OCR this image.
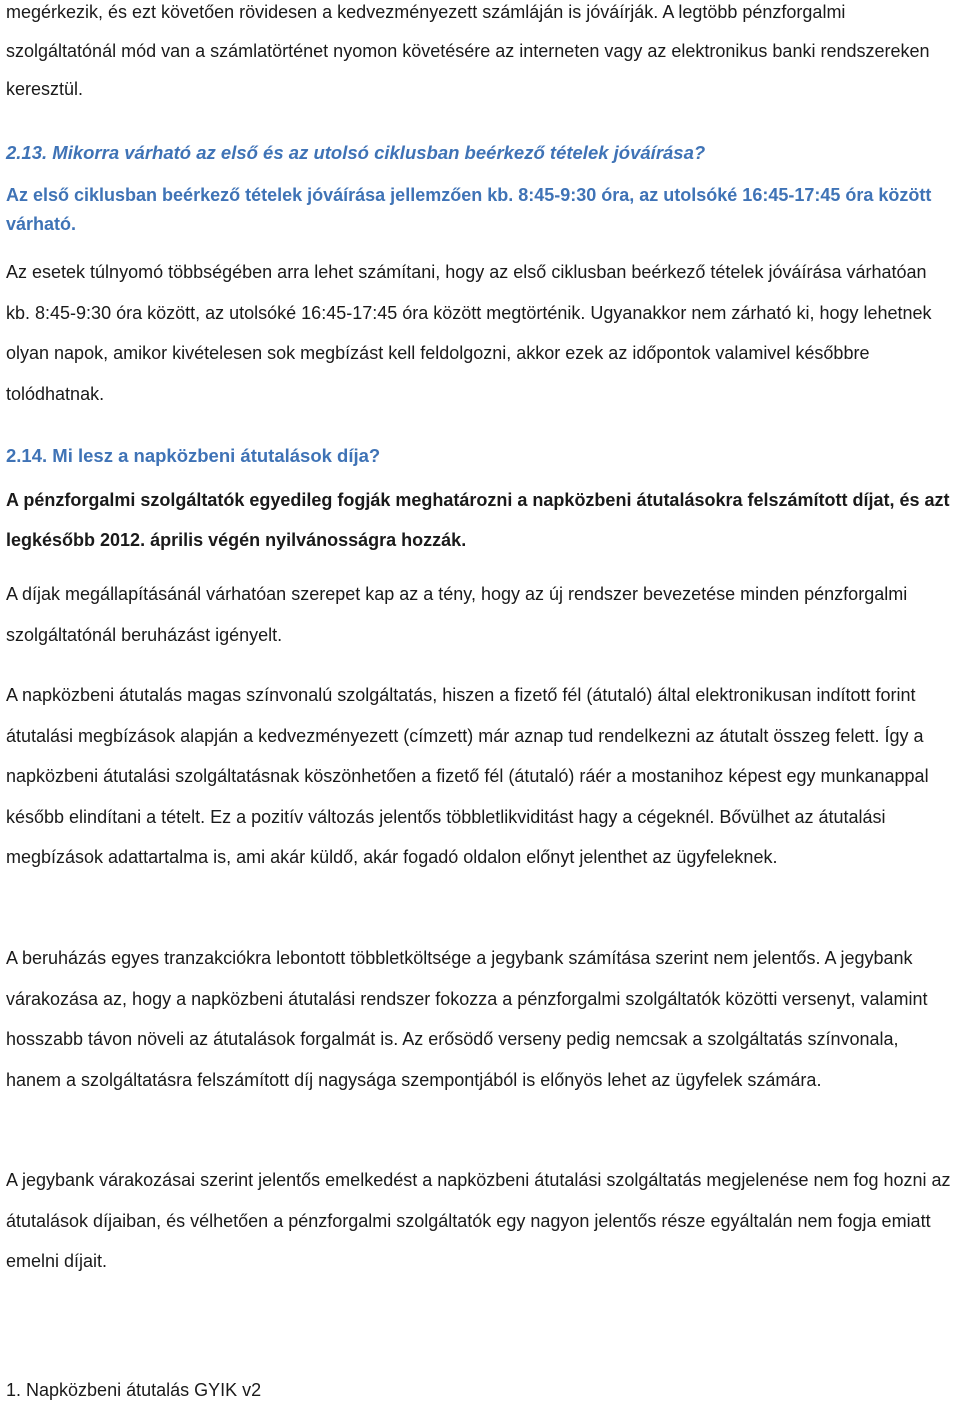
megérkezik, és ezt követően rövidesen a kedvezményezett számláján is jóváírják. A legtöbb pénzforgalmi szolgáltatónál mód van a számlatörténet nyomon követésére az interneten vagy az elektronikus banki rendszereken keresztül.

2.13. Mikorra várható az első és az utolsó ciklusban beérkező tételek jóváírása?

Az első ciklusban beérkező tételek jóváírása jellemzően kb. 8:45-9:30 óra, az utolsóké 16:45-17:45 óra között várható.

Az esetek túlnyomó többségében arra lehet számítani, hogy az első ciklusban beérkező tételek jóváírása várhatóan kb. 8:45-9:30 óra között, az utolsóké 16:45-17:45 óra között megtörténik. Ugyanakkor nem zárható ki, hogy lehetnek olyan napok, amikor kivételesen sok megbízást kell feldolgozni, akkor ezek az időpontok valamivel későbbre tolódhatnak.

2.14. Mi lesz a napközbeni átutalások díja?

A pénzforgalmi szolgáltatók egyedileg fogják meghatározni a napközbeni átutalásokra felszámított díjat, és azt legkésőbb 2012. április végén nyilvánosságra hozzák.

A díjak megállapításánál várhatóan szerepet kap az a tény, hogy az új rendszer bevezetése minden pénzforgalmi szolgáltatónál beruházást igényelt.

A napközbeni átutalás magas színvonalú szolgáltatás, hiszen a fizető fél (átutaló) által elektronikusan indított forint átutalási megbízások alapján a kedvezményezett (címzett) már aznap tud rendelkezni az átutalt összeg felett. Így a napközbeni átutalási szolgáltatásnak köszönhetően a fizető fél (átutaló) ráér a mostanihoz képest egy munkanappal később elindítani a tételt. Ez a pozitív változás jelentős többletlikviditást hagy a cégeknél. Bővülhet az átutalási megbízások adattartalma is, ami akár küldő, akár fogadó oldalon előnyt jelenthet az ügyfeleknek.

A beruházás egyes tranzakciókra lebontott többletköltsége a jegybank számítása szerint nem jelentős. A jegybank várakozása az, hogy a napközbeni átutalási rendszer fokozza a pénzforgalmi szolgáltatók közötti versenyt, valamint hosszabb távon növeli az átutalások forgalmát is. Az erősödő verseny pedig nemcsak a szolgáltatás színvonala, hanem a szolgáltatásra felszámított díj nagysága szempontjából is előnyös lehet az ügyfelek számára.

A jegybank várakozásai szerint jelentős emelkedést a napközbeni átutalási szolgáltatás megjelenése nem fog hozni az átutalások díjaiban, és vélhetően a pénzforgalmi szolgáltatók egy nagyon jelentős része egyáltalán nem fogja emiatt emelni díjait.

1. Napközbeni átutalás GYIK v2
